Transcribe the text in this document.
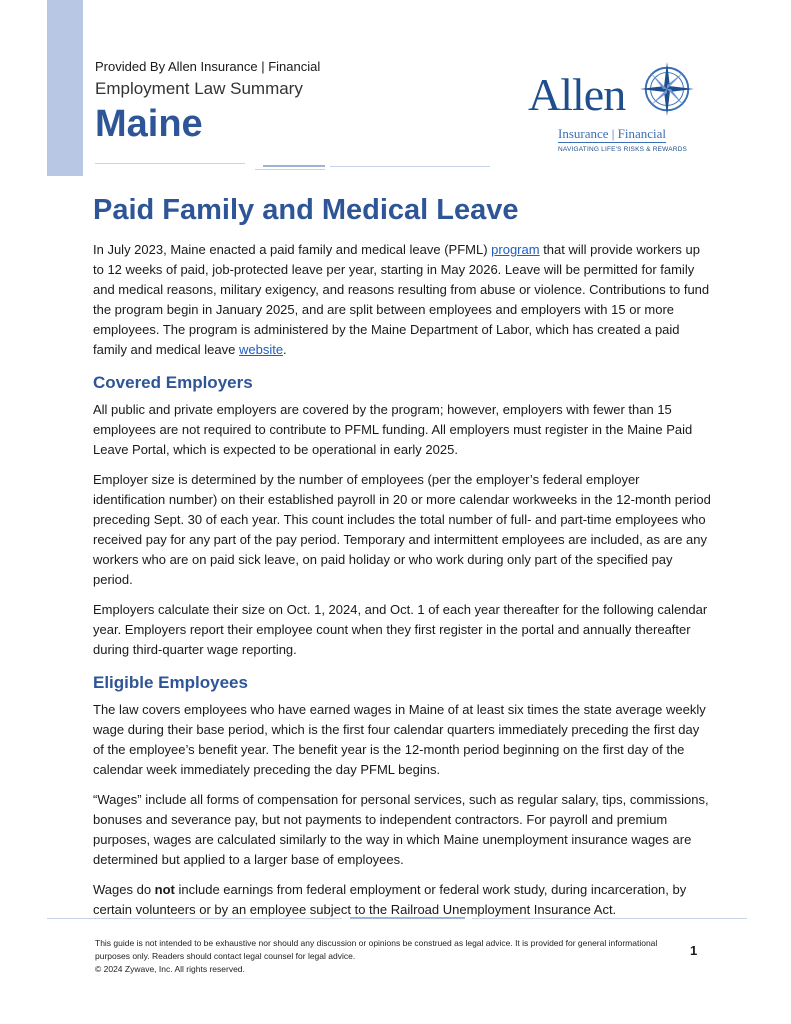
Provided By Allen Insurance | Financial

Employment Law Summary

Maine

Allen
Insurance | Financial
NAVIGATING LIFE'S RISKS & REWARDS
Paid Family and Medical Leave

In July 2023, Maine enacted a paid family and medical leave (PFML) program that will provide workers up to 12 weeks of paid, job-protected leave per year, starting in May 2026. Leave will be permitted for family and medical reasons, military exigency, and reasons resulting from abuse or violence. Contributions to fund the program begin in January 2025, and are split between employees and employers with 15 or more employees. The program is administered by the Maine Department of Labor, which has created a paid family and medical leave website.

Covered Employers

All public and private employers are covered by the program; however, employers with fewer than 15 employees are not required to contribute to PFML funding. All employers must register in the Maine Paid Leave Portal, which is expected to be operational in early 2025.

Employer size is determined by the number of employees (per the employer’s federal employer identification number) on their established payroll in 20 or more calendar workweeks in the 12-month period preceding Sept. 30 of each year. This count includes the total number of full- and part-time employees who received pay for any part of the pay period. Temporary and intermittent employees are included, as are any workers who are on paid sick leave, on paid holiday or who work during only part of the specified pay period.

Employers calculate their size on Oct. 1, 2024, and Oct. 1 of each year thereafter for the following calendar year. Employers report their employee count when they first register in the portal and annually thereafter during third-quarter wage reporting.

Eligible Employees

The law covers employees who have earned wages in Maine of at least six times the state average weekly wage during their base period, which is the first four calendar quarters immediately preceding the first day of the employee’s benefit year. The benefit year is the 12-month period beginning on the first day of the calendar week immediately preceding the day PFML begins.

“Wages” include all forms of compensation for personal services, such as regular salary, tips, commissions, bonuses and severance pay, but not payments to independent contractors. For payroll and premium purposes, wages are calculated similarly to the way in which Maine unemployment insurance wages are determined but applied to a larger base of employees.

Wages do not include earnings from federal employment or federal work study, during incarceration, by certain volunteers or by an employee subject to the Railroad Unemployment Insurance Act.

This guide is not intended to be exhaustive nor should any discussion or opinions be construed as legal advice. It is provided for general informational purposes only. Readers should contact legal counsel for legal advice.
© 2024 Zywave, Inc. All rights reserved.
1
